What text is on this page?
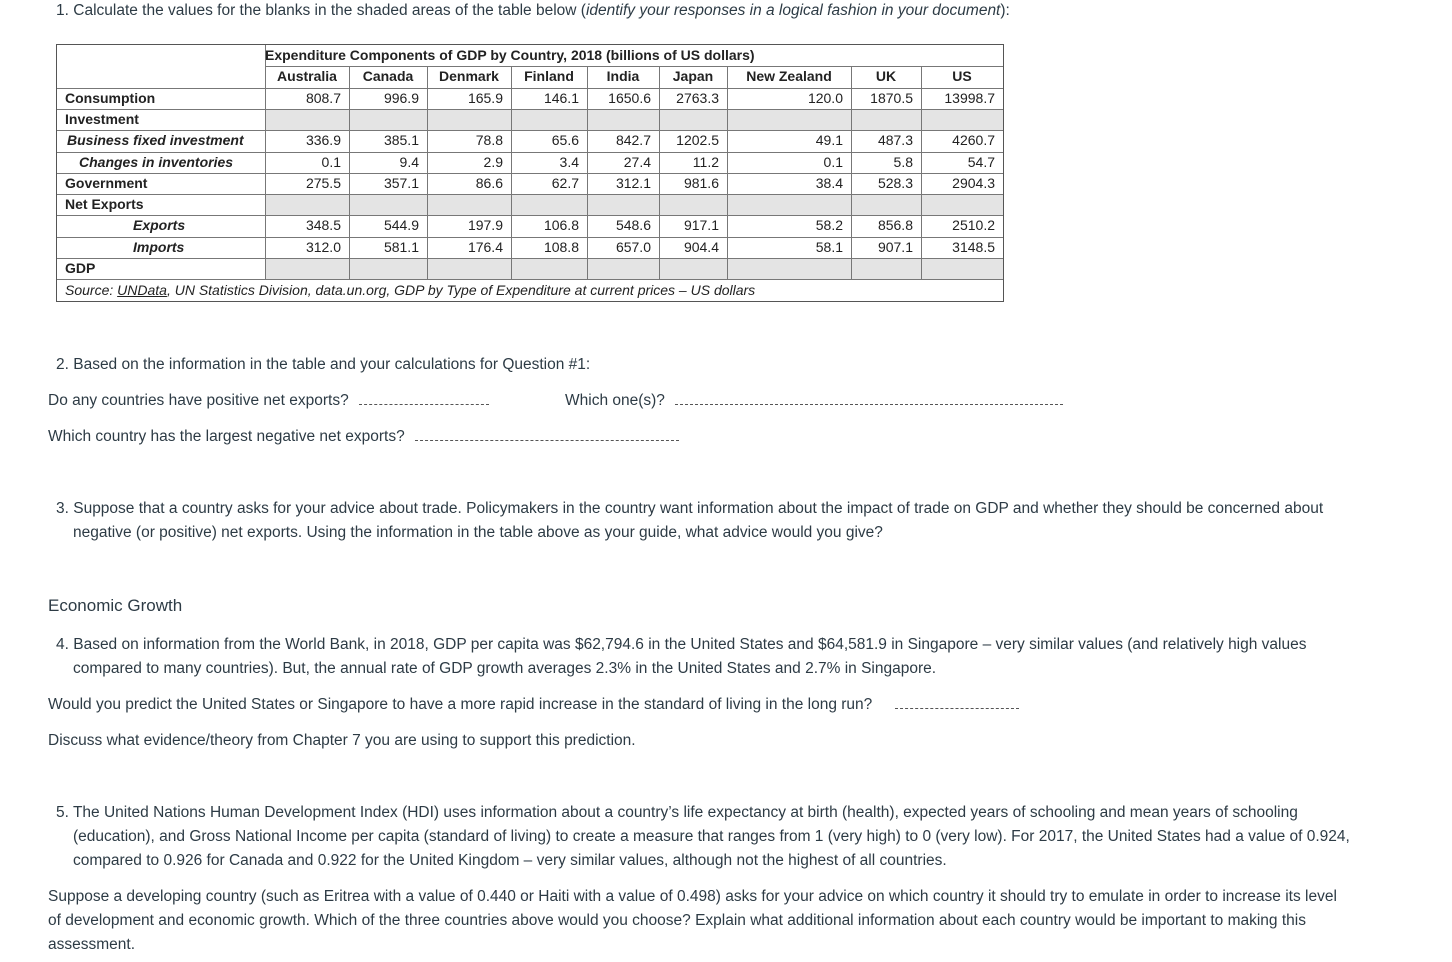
1. Calculate the values for the blanks in the shaded areas of the table below (identify your responses in a logical fashion in your document):
Expenditure Components of GDP by Country, 2018 (billions of US dollars)
Australia	Canada	Denmark	Finland	India	Japan	New Zealand	UK	US
Consumption	808.7	996.9	165.9	146.1	1650.6	2763.3	120.0	1870.5	13998.7
Investment
Business fixed investment	336.9	385.1	78.8	65.6	842.7	1202.5	49.1	487.3	4260.7
Changes in inventories	0.1	9.4	2.9	3.4	27.4	11.2	0.1	5.8	54.7
Government	275.5	357.1	86.6	62.7	312.1	981.6	38.4	528.3	2904.3
Net Exports
Exports	348.5	544.9	197.9	106.8	548.6	917.1	58.2	856.8	2510.2
Imports	312.0	581.1	176.4	108.8	657.0	904.4	58.1	907.1	3148.5
GDP
Source: UNData, UN Statistics Division, data.un.org, GDP by Type of Expenditure at current prices – US dollars
2. Based on the information in the table and your calculations for Question #1:
Do any countries have positive net exports?	Which one(s)?
Which country has the largest negative net exports?
3. Suppose that a country asks for your advice about trade. Policymakers in the country want information about the impact of trade on GDP and whether they should be concerned about
negative (or positive) net exports. Using the information in the table above as your guide, what advice would you give?
Economic Growth
4. Based on information from the World Bank, in 2018, GDP per capita was $62,794.6 in the United States and $64,581.9 in Singapore – very similar values (and relatively high values
compared to many countries). But, the annual rate of GDP growth averages 2.3% in the United States and 2.7% in Singapore.
Would you predict the United States or Singapore to have a more rapid increase in the standard of living in the long run?
Discuss what evidence/theory from Chapter 7 you are using to support this prediction.
5. The United Nations Human Development Index (HDI) uses information about a country’s life expectancy at birth (health), expected years of schooling and mean years of schooling
(education), and Gross National Income per capita (standard of living) to create a measure that ranges from 1 (very high) to 0 (very low). For 2017, the United States had a value of 0.924,
compared to 0.926 for Canada and 0.922 for the United Kingdom – very similar values, although not the highest of all countries.
Suppose a developing country (such as Eritrea with a value of 0.440 or Haiti with a value of 0.498) asks for your advice on which country it should try to emulate in order to increase its level
of development and economic growth. Which of the three countries above would you choose? Explain what additional information about each country would be important to making this
assessment.
